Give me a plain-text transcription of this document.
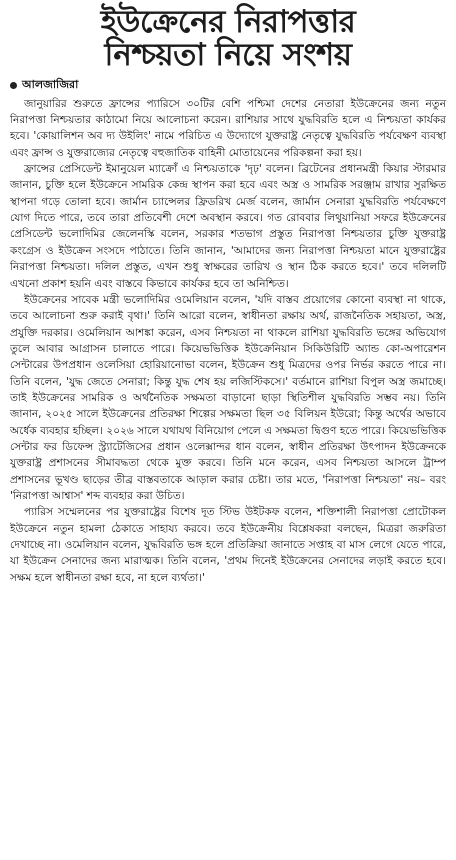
ইউক্রেনের নিরাপত্তার
নিশ্চয়তা নিয়ে সংশয়
আলজাজিরা

জানুয়ারির শুরুতে ফ্রান্সের প্যারিসে ৩০টির বেশি পশ্চিমা দেশের নেতারা ইউক্রেনের জন্য নতুন নিরাপত্তা নিশ্চয়তার কাঠামো নিয়ে আলোচনা করেন। রাশিয়ার সাথে যুদ্ধবিরতি হলে এ নিশ্চয়তা কার্যকর হবে। 'কোয়ালিশন অব দ্য উইলিং' নামে পরিচিত এ উদ্যোগে যুক্তরাষ্ট্র নেতৃত্বে যুদ্ধবিরতি পর্যবেক্ষণ ব্যবস্থা এবং ফ্রান্স ও যুক্তরাজ্যের নেতৃত্বে বহুজাতিক বাহিনী মোতায়েনের পরিকল্পনা করা হয়।

ফ্রান্সের প্রেসিডেন্ট ইমানুয়েল ম্যাক্রোঁ এ নিশ্চয়তাকে 'দৃঢ়' বলেন। ব্রিটেনের প্রধানমন্ত্রী কিয়ার স্টারমার জানান, চুক্তি হলে ইউক্রেনে সামরিক কেন্দ্র স্থাপন করা হবে এবং অস্ত্র ও সামরিক সরঞ্জাম রাখার সুরক্ষিত স্থাপনা গড়ে তোলা হবে। জার্মান চ্যান্সেলর ফ্রিডরিখ মের্জ বলেন, জার্মান সেনারা যুদ্ধবিরতি পর্যবেক্ষণে যোগ দিতে পারে, তবে তারা প্রতিবেশী দেশে অবস্থান করবে। গত রোববার লিথুয়ানিয়া সফরে ইউক্রেনের প্রেসিডেন্ট ভলোদিমির জেলেনস্কি বলেন, সরকার শতভাগ প্রস্তুত নিরাপত্তা নিশ্চয়তার চুক্তি যুক্তরাষ্ট্র কংগ্রেস ও ইউক্রেন সংসদে পাঠাতে। তিনি জানান, 'আমাদের জন্য নিরাপত্তা নিশ্চয়তা মানে যুক্তরাষ্ট্রের নিরাপত্তা নিশ্চয়তা। দলিল প্রস্তুত, এখন শুধু স্বাক্ষরের তারিখ ও স্থান ঠিক করতে হবে।' তবে দলিলটি এখনো প্রকাশ হয়নি এবং বাস্তবে কিভাবে কার্যকর হবে তা অনিশ্চিত।

ইউক্রেনের সাবেক মন্ত্রী ভলোদিমির ওমেলিয়ান বলেন, 'যদি বাস্তব প্রয়োগের কোনো ব্যবস্থা না থাকে, তবে আলোচনা শুরু করাই বৃথা।' তিনি আরো বলেন, স্বাধীনতা রক্ষায় অর্থ, রাজনৈতিক সহায়তা, অস্ত্র, প্রযুক্তি দরকার। ওমেলিয়ান আশঙ্কা করেন, এসব নিশ্চয়তা না থাকলে রাশিয়া যুদ্ধবিরতি ভঙ্গের অভিযোগ তুলে আবার আগ্রাসন চালাতে পারে। কিয়েভভিত্তিক ইউক্রেনিয়ান সিকিউরিটি অ্যান্ড কো-অপারেশন সেন্টারের উপপ্রধান ওলেসিয়া হোরিয়ানোভা বলেন, ইউক্রেন শুধু মিত্রদের ওপর নির্ভর করতে পারে না। তিনি বলেন, 'যুদ্ধ জেতে সেনারা; কিন্তু যুদ্ধ শেষ হয় লজিস্টিকসে।' বর্তমানে রাশিয়া বিপুল অস্ত্র জমাচ্ছে। তাই ইউক্রেনের সামরিক ও অর্থনৈতিক সক্ষমতা বাড়ানো ছাড়া স্থিতিশীল যুদ্ধবিরতি সম্ভব নয়। তিনি জানান, ২০২৫ সালে ইউক্রেনের প্রতিরক্ষা শিল্পের সক্ষমতা ছিল ৩৫ বিলিয়ন ইউরো; কিন্তু অর্থের অভাবে অর্ধেক ব্যবহার হচ্ছিল। ২০২৬ সালে যথাযথ বিনিয়োগ পেলে এ সক্ষমতা দ্বিগুণ হতে পারে। কিয়েভভিত্তিক সেন্টার ফর ডিফেন্স স্ট্র্যাটেজিসের প্রধান ওলেক্সান্দর ধান বলেন, স্বাধীন প্রতিরক্ষা উৎপাদন ইউক্রেনকে যুক্তরাষ্ট্র প্রশাসনের সীমাবদ্ধতা থেকে মুক্ত করবে। তিনি মনে করেন, এসব নিশ্চয়তা আসলে ট্রাম্প প্রশাসনের ভূখণ্ড ছাড়ের তীব্র বাস্তবতাকে আড়াল করার চেষ্টা। তার মতে, 'নিরাপত্তা নিশ্চয়তা' নয়– বরং 'নিরাপত্তা আশ্বাস' শব্দ ব্যবহার করা উচিত।

প্যারিস সম্মেলনের পর যুক্তরাষ্ট্রের বিশেষ দূত স্টিভ উইটকফ বলেন, শক্তিশালী নিরাপত্তা প্রোটোকল ইউক্রেনে নতুন হামলা ঠেকাতে সাহায্য করবে। তবে ইউক্রেনীয় বিশ্লেষকরা বলছেন, মিত্ররা জরুরিতা দেখাচ্ছে না। ওমেলিয়ান বলেন, যুদ্ধবিরতি ভঙ্গ হলে প্রতিক্রিয়া জানাতে সপ্তাহ বা মাস লেগে যেতে পারে, যা ইউক্রেন সেনাদের জন্য মারাত্মক। তিনি বলেন, 'প্রথম দিনেই ইউক্রেনের সেনাদের লড়াই করতে হবে। সক্ষম হলে স্বাধীনতা রক্ষা হবে, না হলে ব্যর্থতা।'
